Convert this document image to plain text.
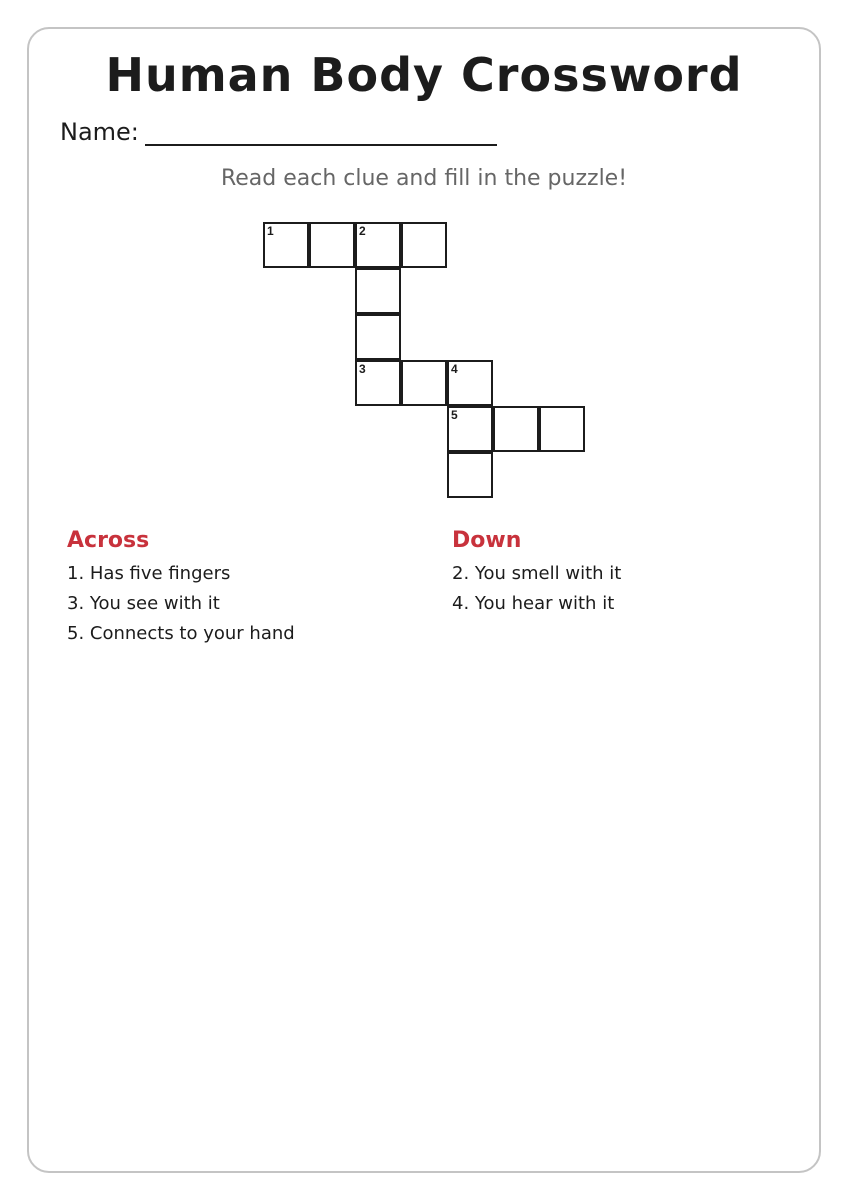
Human Body Crossword
Name:
Read each clue and fill in the puzzle!
1	2
3	4
5
Across
1. Has five fingers
3. You see with it
5. Connects to your hand
Down
2. You smell with it
4. You hear with it
